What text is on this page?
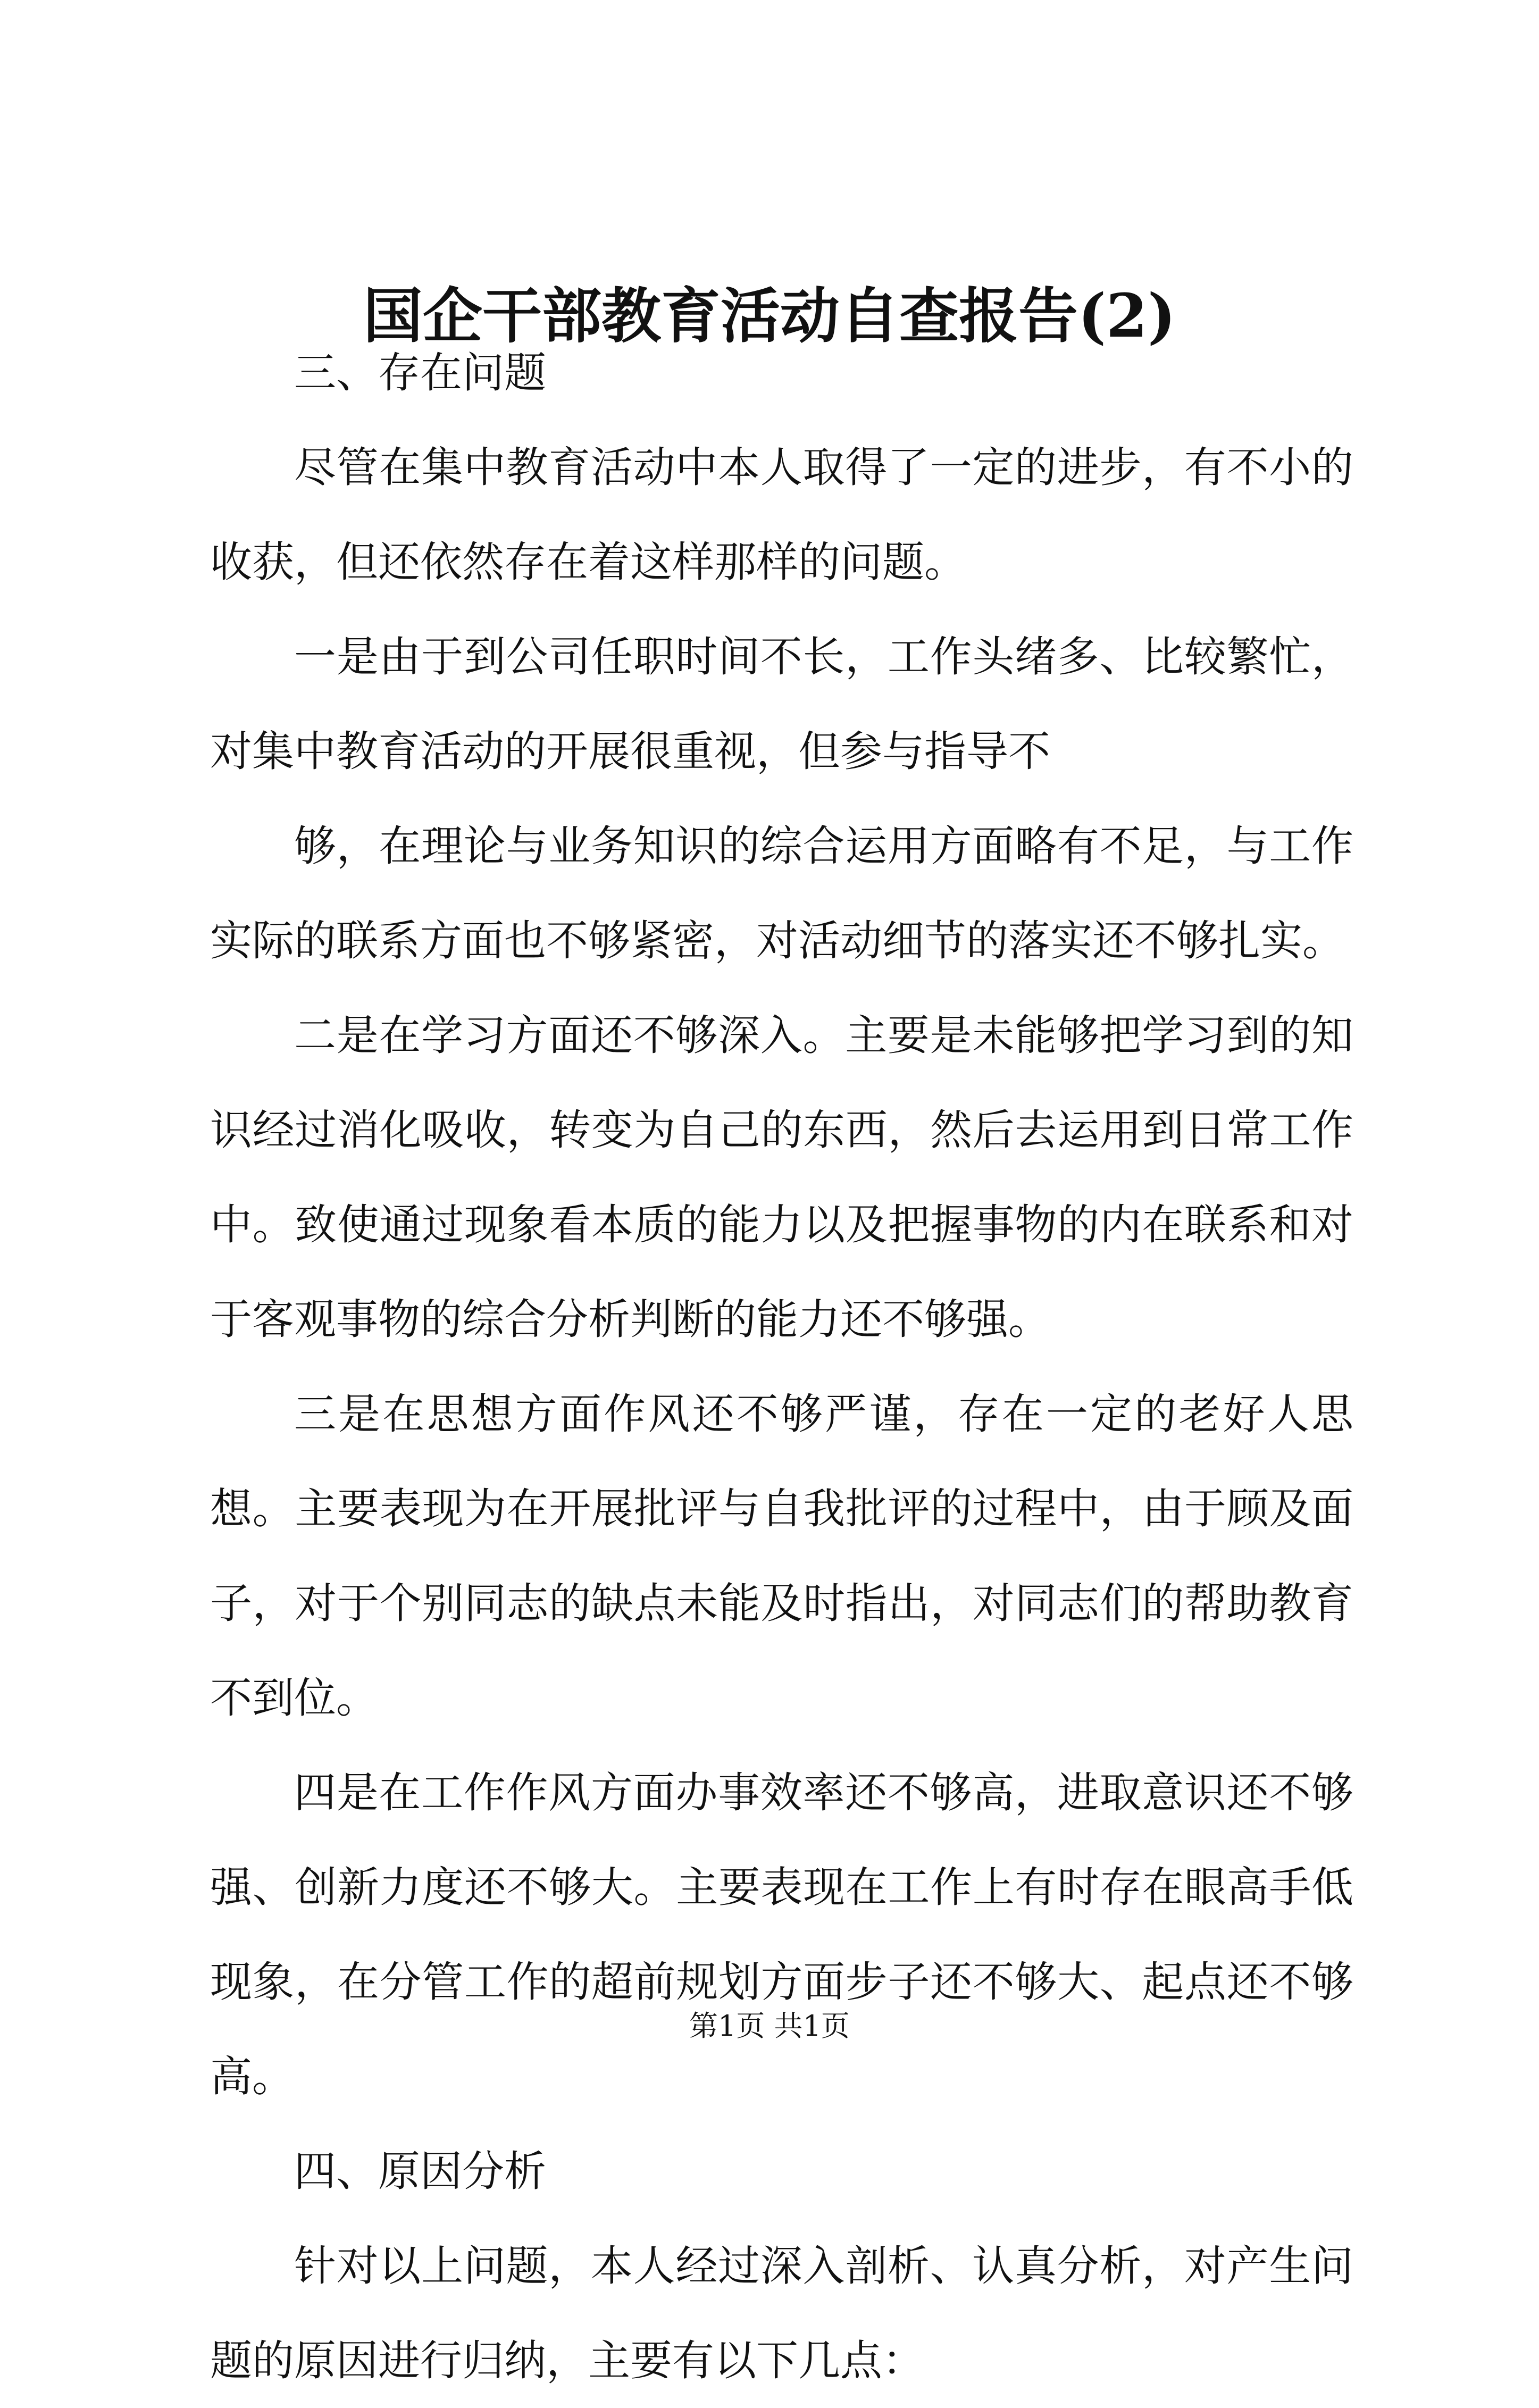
国企干部教育活动自查报告(2)

三、存在问题

尽管在集中教育活动中本人取得了一定的进步，有不小的收获，但还依然存在着这样那样的问题。

一是由于到公司任职时间不长，工作头绪多、比较繁忙，对集中教育活动的开展很重视，但参与指导不

够，在理论与业务知识的综合运用方面略有不足，与工作实际的联系方面也不够紧密，对活动细节的落实还不够扎实。

二是在学习方面还不够深入。主要是未能够把学习到的知识经过消化吸收，转变为自己的东西，然后去运用到日常工作中。致使通过现象看本质的能力以及把握事物的内在联系和对于客观事物的综合分析判断的能力还不够强。

三是在思想方面作风还不够严谨，存在一定的老好人思想。主要表现为在开展批评与自我批评的过程中，由于顾及面子，对于个别同志的缺点未能及时指出，对同志们的帮助教育不到位。

四是在工作作风方面办事效率还不够高，进取意识还不够强、创新力度还不够大。主要表现在工作上有时存在眼高手低现象，在分管工作的超前规划方面步子还不够大、起点还不够高。

四、原因分析

针对以上问题，本人经过深入剖析、认真分析，对产生问题的原因进行归纳，主要有以下几点：

第1页 共1页
